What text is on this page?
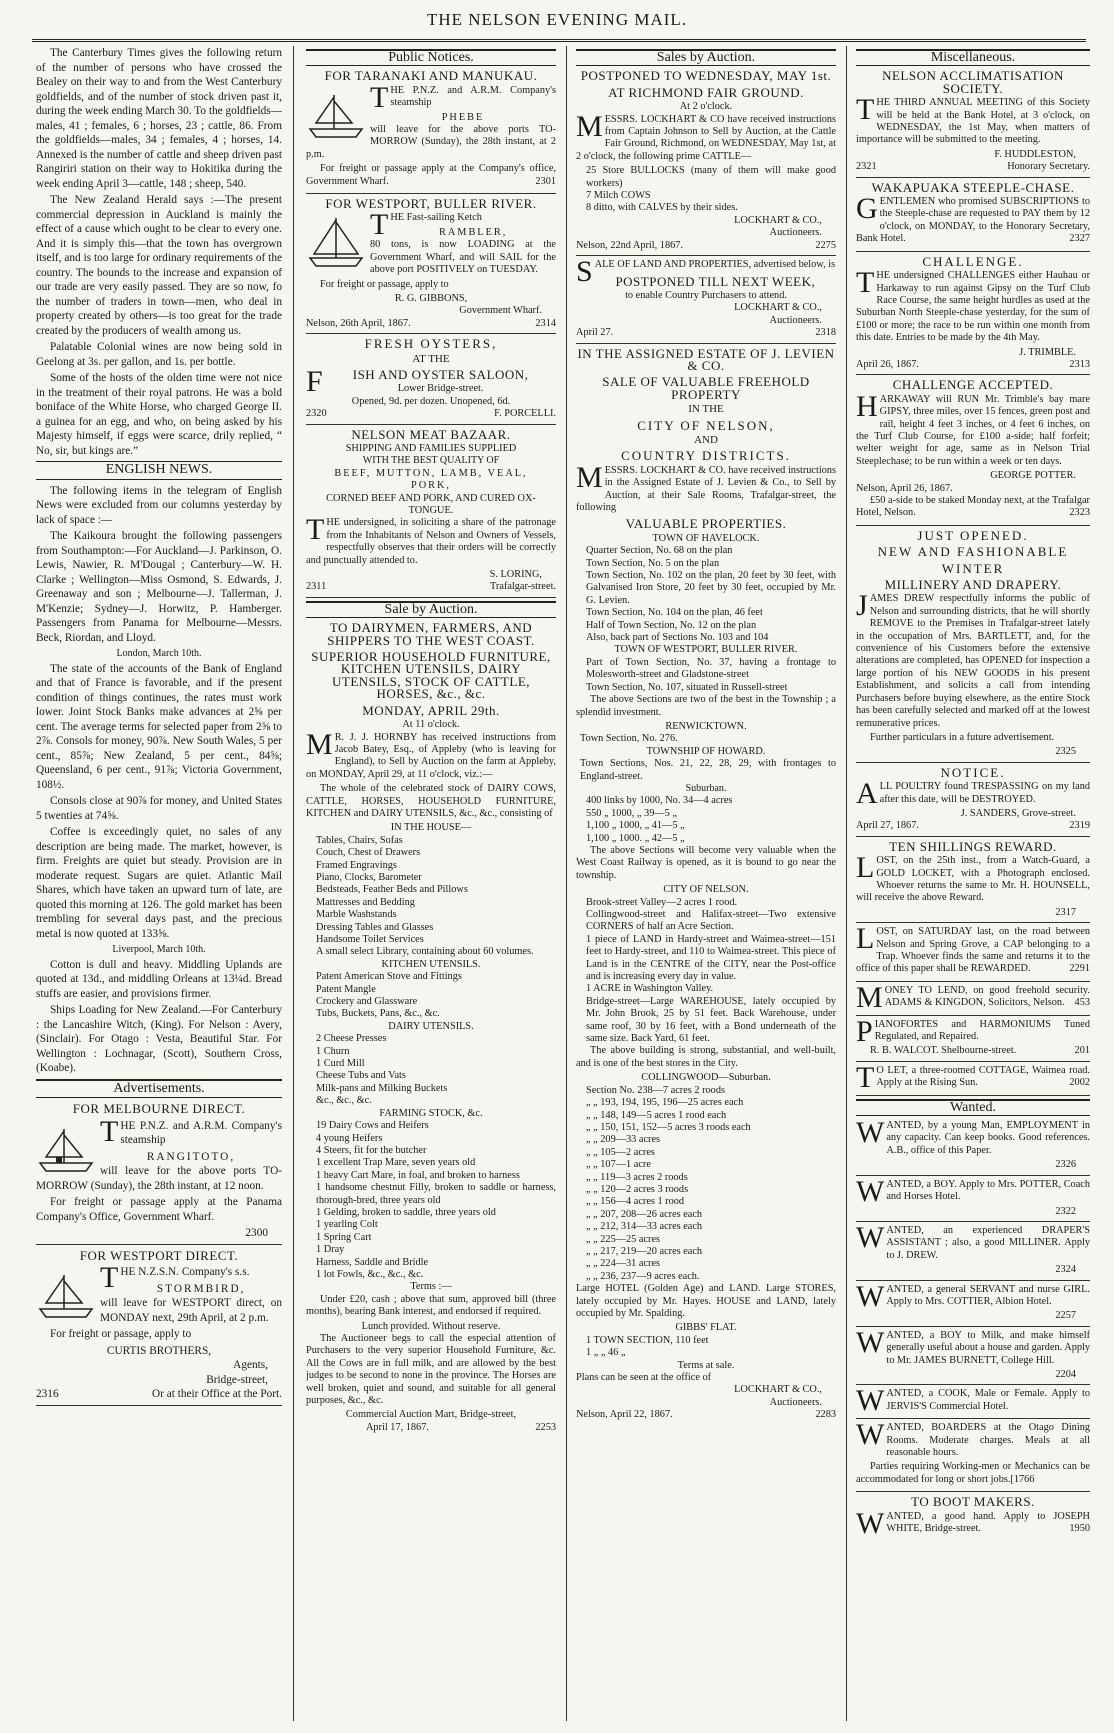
THE NELSON EVENING MAIL.

The Canterbury Times gives the following return of the number of persons who have crossed the Bealey on their way to and from the West Canterbury goldfields, and of the number of stock driven past it, during the week ending March 30. To the goldfields—males, 41 ; females, 6 ; horses, 23 ; cattle, 86. From the goldfields—males, 34 ; females, 4 ; horses, 14. Annexed is the number of cattle and sheep driven past Rangiriri station on their way to Hokitika during the week ending April 3—cattle, 148 ; sheep, 540.

The New Zealand Herald says :—The present commercial depression in Auckland is mainly the effect of a cause which ought to be clear to every one. And it is simply this—that the town has overgrown itself, and is too large for ordinary requirements of the country. The bounds to the increase and expansion of our trade are very easily passed. They are so now, fo the number of traders in town—men, who deal in property created by others—is too great for the trade created by the producers of wealth among us.

Palatable Colonial wines are now being sold in Geelong at 3s. per gallon, and 1s. per bottle.

Some of the hosts of the olden time were not nice in the treatment of their royal patrons. He was a bold boniface of the White Horse, who charged George II. a guinea for an egg, and who, on being asked by his Majesty himself, if eggs were scarce, drily replied, “ No, sir, but kings are.”

ENGLISH NEWS.

The following items in the telegram of English News were excluded from our columns yesterday by lack of space :—

The Kaikoura brought the following passengers from Southampton:—For Auckland—J. Parkinson, O. Lewis, Nawier, R. M'Dougal ; Canterbury—W. H. Clarke ; Wellington—Miss Osmond, S. Edwards, J. Greenaway and son ; Melbourne—J. Tallerman, J. M'Kenzie; Sydney—J. Horwitz, P. Hamberger. Passengers from Panama for Melbourne—Messrs. Beck, Riordan, and Lloyd.

London, March 10th.

The state of the accounts of the Bank of England and that of France is favorable, and if the present condition of things continues, the rates must work lower. Joint Stock Banks make advances at 2⅝ per cent. The average terms for selected paper from 2⅝ to 2⅞. Consols for money, 90⅞. New South Wales, 5 per cent., 85⅞; New Zealand, 5 per cent., 84⅝; Queensland, 6 per cent., 91⅞; Victoria Government, 108½.

Consols close at 90⅞ for money, and United States 5 twenties at 74⅝.

Coffee is exceedingly quiet, no sales of any description are being made. The market, however, is firm. Freights are quiet but steady. Provision are in moderate request. Sugars are quiet. Atlantic Mail Shares, which have taken an upward turn of late, are quoted this morning at 126. The gold market has been trembling for several days past, and the precious metal is now quoted at 133⅝.

Liverpool, March 10th.

Cotton is dull and heavy. Middling Uplands are quoted at 13d., and middling Orleans at 13¼d. Bread stuffs are easier, and provisions firmer.

Ships Loading for New Zealand.—For Canterbury : the Lancashire Witch, (King). For Nelson : Avery, (Sinclair). For Otago : Vesta, Beautiful Star. For Wellington : Lochnagar, (Scott), Southern Cross, (Koabe).

Advertisements.
FOR MELBOURNE DIRECT.

THE P.N.Z. and A.R.M. Company's steamship

RANGITOTO,

will leave for the above ports TO-MORROW (Sunday), the 28th instant, at 12 noon.

For freight or passage apply at the Panama Company's Office, Government Wharf.

2300
FOR WESTPORT DIRECT.

THE N.Z.S.N. Company's s.s.

STORMBIRD,

will leave for WESTPORT direct, on MONDAY next, 29th April, at 2 p.m.

For freight or passage, apply to

CURTIS BROTHERS,
Agents,
Bridge-street,
2316	Or at their Office at the Port.
Public Notices.
FOR TARANAKI AND MANUKAU.

THE P.N.Z. and A.R.M. Company's steamship

PHEBE

will leave for the above ports TO-MORROW (Sunday), the 28th instant, at 2 p.m.

For freight or passage apply at the Company's office, Government Wharf.	2301

FOR WESTPORT, BULLER RIVER.

THE Fast-sailing Ketch

RAMBLER,

80 tons, is now LOADING at the Government Wharf, and will SAIL for the above port POSITIVELY on TUESDAY.

For freight or passage, apply to

R. G. GIBBONS,
Government Wharf.
Nelson, 26th April, 1867.	2314
FRESH OYSTERS,
AT THE
F ISH AND OYSTER SALOON,
Lower Bridge-street.
Opened, 9d. per dozen. Unopened, 6d.
2320	F. PORCELLI.
NELSON MEAT BAZAAR.
SHIPPING AND FAMILIES SUPPLIED
WITH THE BEST QUALITY OF
BEEF, MUTTON, LAMB, VEAL,
PORK,
CORNED BEEF AND PORK, AND CURED OX-TONGUE.

THE undersigned, in soliciting a share of the patronage from the Inhabitants of Nelson and Owners of Vessels, respectfully observes that their orders will be correctly and punctually attended to.

S. LORING,
2311	Trafalgar-street.
Sale by Auction.
TO DAIRYMEN, FARMERS, AND SHIPPERS TO THE WEST COAST.
SUPERIOR HOUSEHOLD FURNITURE, KITCHEN UTENSILS, DAIRY UTENSILS, STOCK OF CATTLE, HORSES, &c., &c.
MONDAY, APRIL 29th.
At 11 o'clock.

M R. J. J. HORNBY has received instructions from Jacob Batey, Esq., of Appleby (who is leaving for England), to Sell by Auction on the farm at Appleby, on MONDAY, April 29, at 11 o'clock, viz.:—

The whole of the celebrated stock of DAIRY COWS, CATTLE, HORSES, HOUSEHOLD FURNITURE, KITCHEN and DAIRY UTENSILS, &c., &c., consisting of

IN THE HOUSE—
Tables, Chairs, Sofas
Couch, Chest of Drawers
Framed Engravings
Piano, Clocks, Barometer
Bedsteads, Feather Beds and Pillows
Mattresses and Bedding
Marble Washstands
Dressing Tables and Glasses
Handsome Toilet Services
A small select Library, containing about 60 volumes.
KITCHEN UTENSILS.
Patent American Stove and Fittings
Patent Mangle
Crockery and Glassware
Tubs, Buckets, Pans, &c., &c.
DAIRY UTENSILS.
2 Cheese Presses
1 Churn
1 Curd Mill
Cheese Tubs and Vats
Milk-pans and Milking Buckets
&c., &c., &c.
FARMING STOCK, &c.
19 Dairy Cows and Heifers
4 young Heifers
4 Steers, fit for the butcher
1 excellent Trap Mare, seven years old
1 heavy Cart Mare, in foal, and broken to harness
1 handsome chestnut Filly, broken to saddle or harness, thorough-bred, three years old
1 Gelding, broken to saddle, three years old
1 yearling Colt
1 Spring Cart
1 Dray
Harness, Saddle and Bridle
1 lot Fowls, &c., &c., &c.
Terms :—

Under £20, cash ; above that sum, approved bill (three months), bearing Bank interest, and endorsed if required.

Lunch provided. Without reserve.

The Auctioneer begs to call the especial attention of Purchasers to the very superior Household Furniture, &c. All the Cows are in full milk, and are allowed by the best judges to be second to none in the province. The Horses are well broken, quiet and sound, and suitable for all general purposes, &c., &c.

Commercial Auction Mart, Bridge-street,
April 17, 1867.	2253
Sales by Auction.
POSTPONED TO WEDNESDAY, MAY 1st.
AT RICHMOND FAIR GROUND.
At 2 o'clock.

MESSRS. LOCKHART & CO have received instructions from Captain Johnson to Sell by Auction, at the Cattle Fair Ground, Richmond, on WEDNESDAY, May 1st, at 2 o'clock, the following prime CATTLE—

25 Store BULLOCKS (many of them will make good workers)
7 Milch COWS
8 ditto, with CALVES by their sides.
LOCKHART & CO.,
Auctioneers.
Nelson, 22nd April, 1867.	2275

SALE OF LAND AND PROPERTIES, advertised below, is

POSTPONED TILL NEXT WEEK,
to enable Country Purchasers to attend.
LOCKHART & CO.,
Auctioneers.
April 27.	2318
IN THE ASSIGNED ESTATE OF J. LEVIEN & CO.
SALE OF VALUABLE FREEHOLD PROPERTY
IN THE
CITY OF NELSON,
AND
COUNTRY DISTRICTS.

MESSRS. LOCKHART & CO. have received instructions in the Assigned Estate of J. Levien & Co., to Sell by Auction, at their Sale Rooms, Trafalgar-street, the following

VALUABLE PROPERTIES.
TOWN OF HAVELOCK.
Quarter Section, No. 68 on the plan
Town Section, No. 5 on the plan
Town Section, No. 102 on the plan, 20 feet by 30 feet, with Galvanised Iron Store, 20 feet by 30 feet, occupied by Mr. G. Levien.
Town Section, No. 104 on the plan, 46 feet
Half of Town Section, No. 12 on the plan
Also, back part of Sections No. 103 and 104
TOWN OF WESTPORT, BULLER RIVER.
Part of Town Section, No. 37, having a frontage to Molesworth-street and Gladstone-street
Town Section, No. 107, situated in Russell-street

The above Sections are two of the best in the Township ; a splendid investment.

RENWICKTOWN.
Town Section, No. 276.
TOWNSHIP OF HOWARD.
Town Sections, Nos. 21, 22, 28, 29, with frontages to England-street.
Suburban.
400 links by 1000, No. 34—4 acres
550 „ 1000, „ 39—5 „
1,100 „ 1000, „ 41—5 „
1,100 „ 1000. „ 42—5 „

The above Sections will become very valuable when the West Coast Railway is opened, as it is bound to go near the township.

CITY OF NELSON.
Brook-street Valley—2 acres 1 rood.
Collingwood-street and Halifax-street—Two extensive CORNERS of half an Acre Section.
1 piece of LAND in Hardy-street and Waimea-street—151 feet to Hardy-street, and 110 to Waimea-street. This piece of Land is in the CENTRE of the CITY, near the Post-office and is increasing every day in value.
1 ACRE in Washington Valley.
Bridge-street—Large WAREHOUSE, lately occupied by Mr. John Brook, 25 by 51 feet. Back Warehouse, under same roof, 30 by 16 feet, with a Bond underneath of the same size. Back Yard, 61 feet.

The above building is strong, substantial, and well-built, and is one of the best stores in the City.

COLLINGWOOD—Suburban.
Section No. 238—7 acres 2 roods
„ „ 193, 194, 195, 196—25 acres each
„ „ 148, 149—5 acres 1 rood each
„ „ 150, 151, 152—5 acres 3 roods each
„ „ 209—33 acres
„ „ 105—2 acres
„ „ 107—1 acre
„ „ 119—3 acres 2 roods
„ „ 120—2 acres 3 roods
„ „ 156—4 acres 1 rood
„ „ 207, 208—26 acres each
„ „ 212, 314—33 acres each
„ „ 225—25 acres
„ „ 217, 219—20 acres each
„ „ 224—31 acres
„ „ 236, 237—9 acres each.

Large HOTEL (Golden Age) and LAND. Large STORES, lately occupied by Mr. Hayes. HOUSE and LAND, lately occupied by Mr. Spalding.

GIBBS' FLAT.
1 TOWN SECTION, 110 feet
1 „ „ 46 „
Terms at sale.
Plans can be seen at the office of
LOCKHART & CO.,
Auctioneers.
Nelson, April 22, 1867.	2283
Miscellaneous.
NELSON ACCLIMATISATION SOCIETY.

THE THIRD ANNUAL MEETING of this Society will be held at the Bank Hotel, at 3 o'clock, on WEDNESDAY, the 1st May, when matters of importance will be submitted to the meeting.

F. HUDDLESTON,
2321	Honorary Secretary.
WAKAPUAKA STEEPLE-CHASE.

GENTLEMEN who promised SUBSCRIPTIONS to the Steeple-chase are requested to PAY them by 12 o'clock, on MONDAY, to the Honorary Secretary, Bank Hotel.	2327

CHALLENGE.

THE undersigned CHALLENGES either Hauhau or Harkaway to run against Gipsy on the Turf Club Race Course, the same height hurdles as used at the Suburban North Steeple-chase yesterday, for the sum of £100 or more; the race to be run within one month from this date. Entries to be made by the 4th May.

J. TRIMBLE.
April 26, 1867.	2313
CHALLENGE ACCEPTED.

HARKAWAY will RUN Mr. Trimble's bay mare GIPSY, three miles, over 15 fences, green post and rail, height 4 feet 3 inches, or 4 feet 6 inches, on the Turf Club Course, for £100 a-side; half forfeit; welter weight for age, same as in Nelson Trial Steeplechase; to be run within a week or ten days.

GEORGE POTTER.
Nelson, April 26, 1867.

£50 a-side to be staked Monday next, at the Trafalgar Hotel, Nelson.	2323

JUST OPENED.
NEW AND FASHIONABLE
WINTER
MILLINERY AND DRAPERY.

JAMES DREW respectfully informs the public of Nelson and surrounding districts, that he will shortly REMOVE to the Premises in Trafalgar-street lately in the occupation of Mrs. BARTLETT, and, for the convenience of his Customers before the extensive alterations are completed, has OPENED for inspection a large portion of his NEW GOODS in his present Establishment, and solicits a call from intending Purchasers before buying elsewhere, as the entire Stock has been carefully selected and marked off at the lowest remunerative prices.

Further particulars in a future advertisement.

2325
NOTICE.

ALL POULTRY found TRESPASSING on my land after this date, will be DESTROYED.

J. SANDERS, Grove-street.
April 27, 1867.	2319
TEN SHILLINGS REWARD.

LOST, on the 25th inst., from a Watch-Guard, a GOLD LOCKET, with a Photograph enclosed. Whoever returns the same to Mr. H. HOUNSELL, will receive the above Reward.

2317

LOST, on SATURDAY last, on the road between Nelson and Spring Grove, a CAP belonging to a Trap. Whoever finds the same and returns it to the office of this paper shall be REWARDED.	2291

MONEY TO LEND, on good freehold security. ADAMS & KINGDON, Solicitors, Nelson. 453

PIANOFORTES and HARMONIUMS Tuned Regulated, and Repaired.

R. B. WALCOT. Shelbourne-street.	201

T O LET, a three-roomed COTTAGE, Waimea road. Apply at the Rising Sun.	2002

Wanted.

WANTED, by a young Man, EMPLOYMENT in any capacity. Can keep books. Good references. A.B., office of this Paper.

2326

WANTED, a BOY. Apply to Mrs. POTTER, Coach and Horses Hotel.

2322

WANTED, an experienced DRAPER'S ASSISTANT ; also, a good MILLINER. Apply to J. DREW.

2324

WANTED, a general SERVANT and nurse GIRL. Apply to Mrs. COTTIER, Albion Hotel.

2257

WANTED, a BOY to Milk, and make himself generally useful about a house and garden. Apply to Mr. JAMES BURNETT, College Hill.

2204

WANTED, a COOK, Male or Female. Apply to JERVIS'S Commercial Hotel.

WANTED, BOARDERS at the Otago Dining Rooms. Moderate charges. Meals at all reasonable hours.

Parties requiring Working-men or Mechanics can be accommodated for long or short jobs.[1766

TO BOOT MAKERS.

WANTED, a good hand. Apply to JOSEPH WHITE, Bridge-street.	1950
